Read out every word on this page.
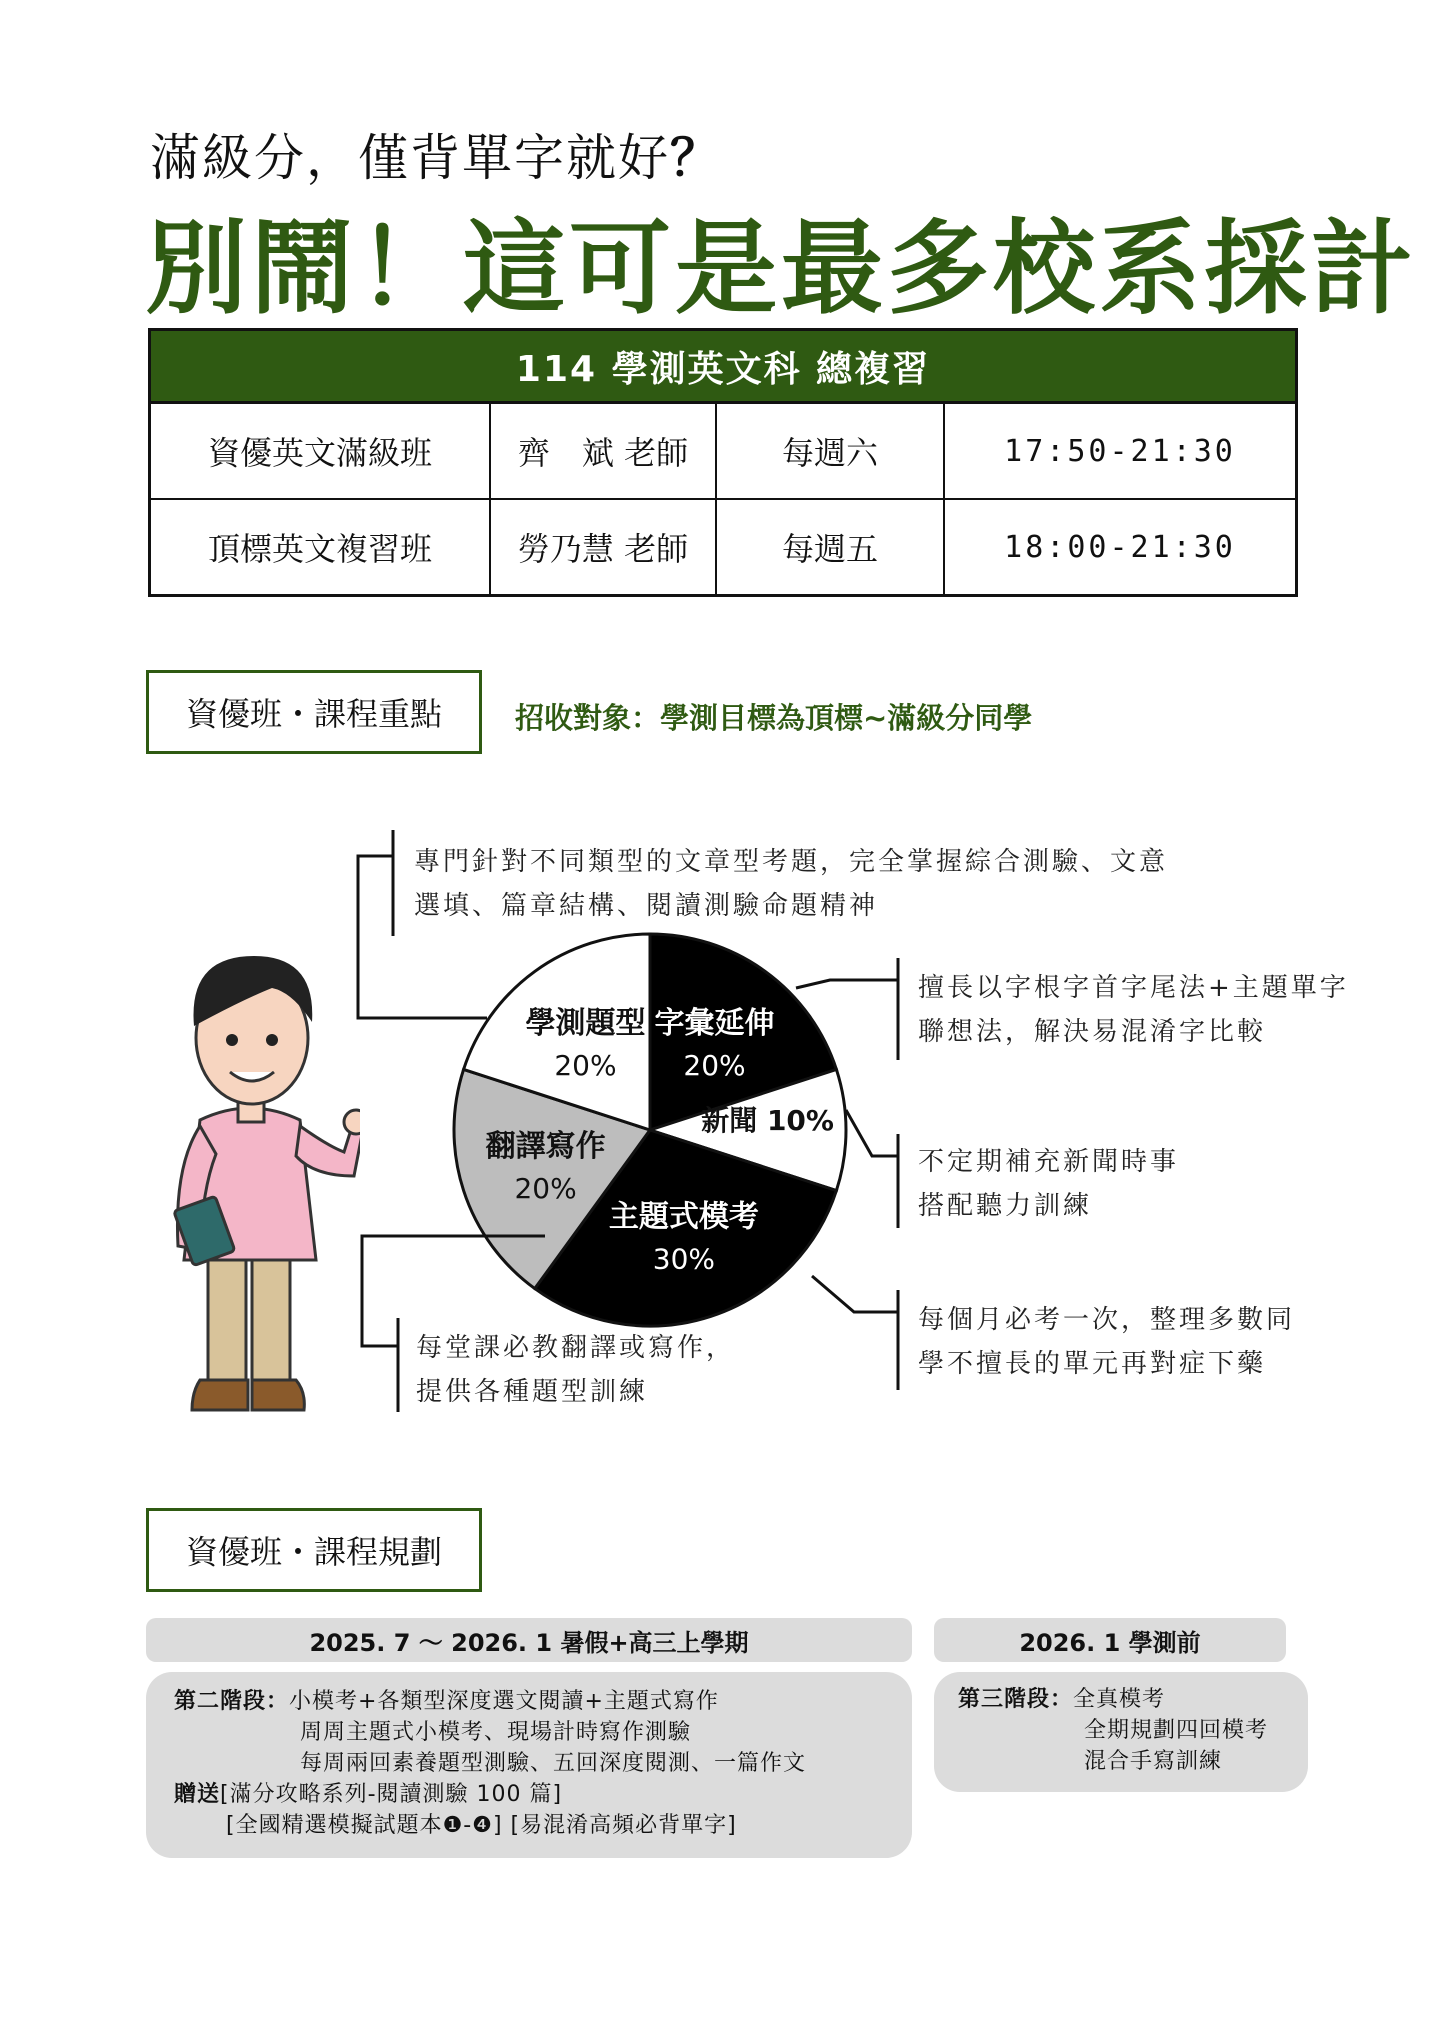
滿級分，僅背單字就好？
別鬧！這可是最多校系採計
114 學測英文科 總複習			
資優英文滿級班	齊　斌 老師	每週六	17:50-21:30
頂標英文複習班	勞乃慧 老師	每週五	18:00-21:30
資優班・課程重點	招收對象：學測目標為頂標~滿級分同學
字彙延伸 20%
新聞 10%
主題式模考 30%
翻譯寫作 20%
學測題型 20%
專門針對不同類型的文章型考題，完全掌握綜合測驗、文意
選填、篇章結構、閱讀測驗命題精神
擅長以字根字首字尾法+主題單字
聯想法，解決易混淆字比較
不定期補充新聞時事
搭配聽力訓練
每個月必考一次，整理多數同
學不擅長的單元再對症下藥
每堂課必教翻譯或寫作，
提供各種題型訓練
資優班・課程規劃
2025. 7 ～ 2026. 1 暑假+高三上學期	2026. 1 學測前
第二階段：小模考+各類型深度選文閱讀+主題式寫作
周周主題式小模考、現場計時寫作測驗
每周兩回素養題型測驗、五回深度閱測、一篇作文
贈送[滿分攻略系列-閱讀測驗 100 篇]
[全國精選模擬試題本❶-❹] [易混淆高頻必背單字]
第三階段：全真模考
全期規劃四回模考
混合手寫訓練
